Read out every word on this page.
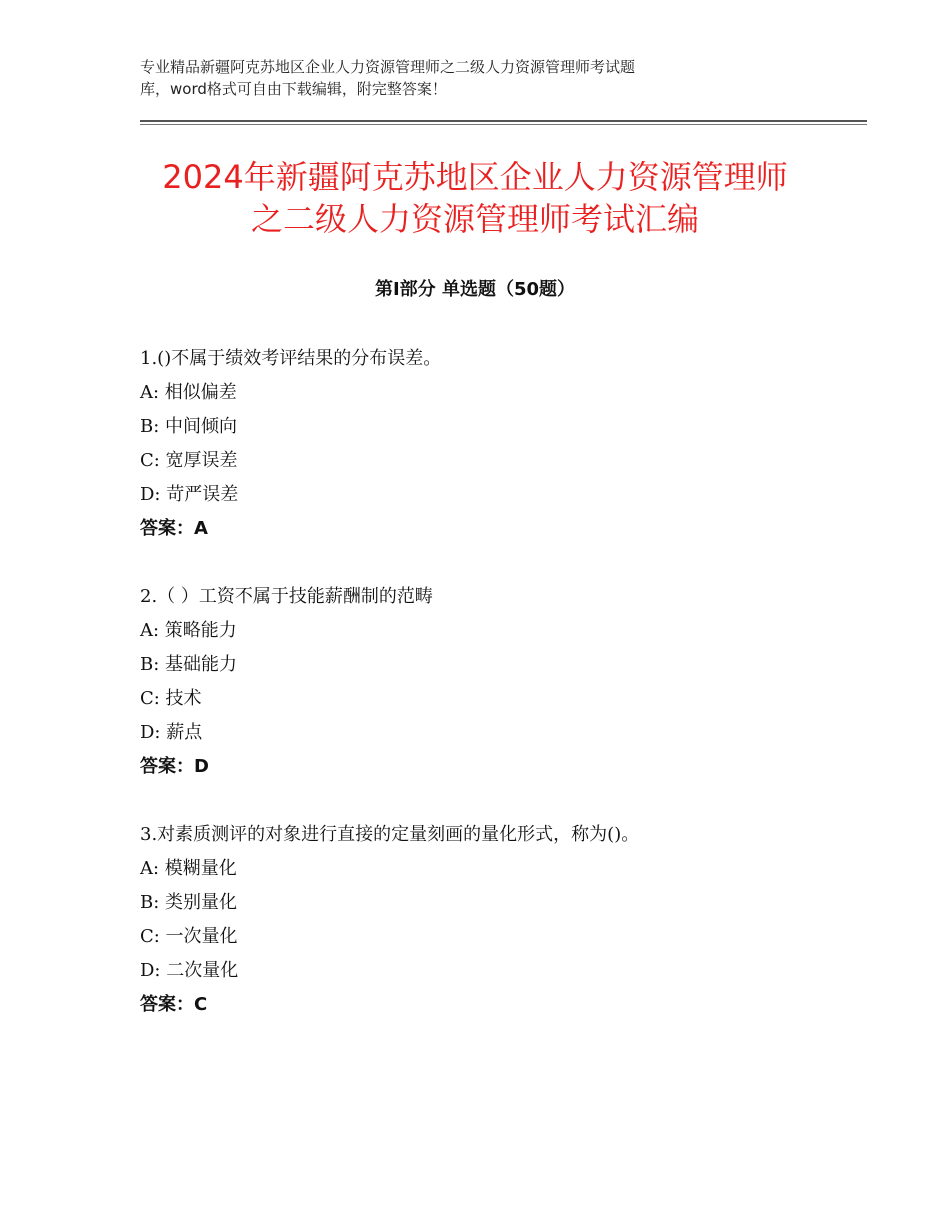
专业精品新疆阿克苏地区企业人力资源管理师之二级人力资源管理师考试题
库，word格式可自由下载编辑，附完整答案！
2024年新疆阿克苏地区企业人力资源管理师
之二级人力资源管理师考试汇编
第Ⅰ部分 单选题（50题）
1.()不属于绩效考评结果的分布误差。
A: 相似偏差
B: 中间倾向
C: 宽厚误差
D: 苛严误差
答案：A
2.（ ）工资不属于技能薪酬制的范畴
A: 策略能力
B: 基础能力
C: 技术
D: 薪点
答案：D
3.对素质测评的对象进行直接的定量刻画的量化形式，称为()。
A: 模糊量化
B: 类别量化
C: 一次量化
D: 二次量化
答案：C
